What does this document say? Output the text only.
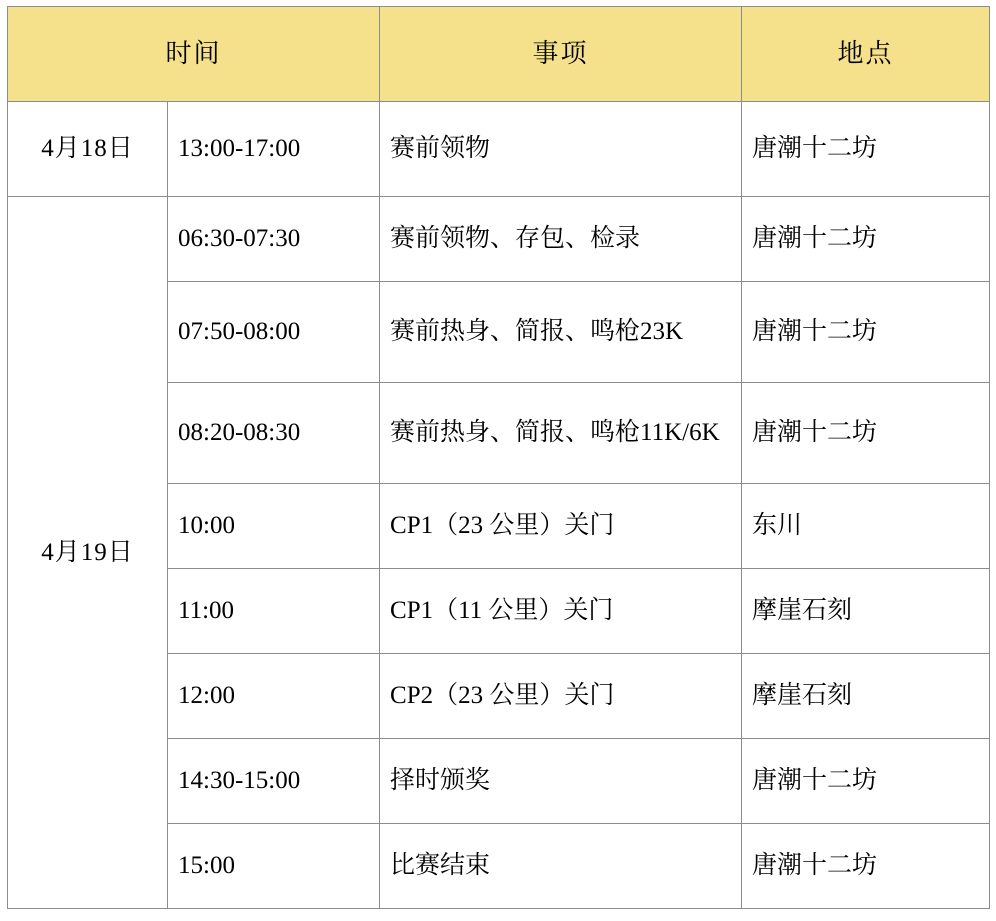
时间		事项	地点
4月18日	13:00-17:00	赛前领物	唐潮十二坊
4月19日	06:30-07:30	赛前领物、存包、检录	唐潮十二坊
	07:50-08:00	赛前热身、简报、鸣枪23K	唐潮十二坊
	08:20-08:30	赛前热身、简报、鸣枪11K/6K	唐潮十二坊
	10:00	CP1（23 公里）关门	东川
	11:00	CP1（11 公里）关门	摩崖石刻
	12:00	CP2（23 公里）关门	摩崖石刻
	14:30-15:00	择时颁奖	唐潮十二坊
	15:00	比赛结束	唐潮十二坊
